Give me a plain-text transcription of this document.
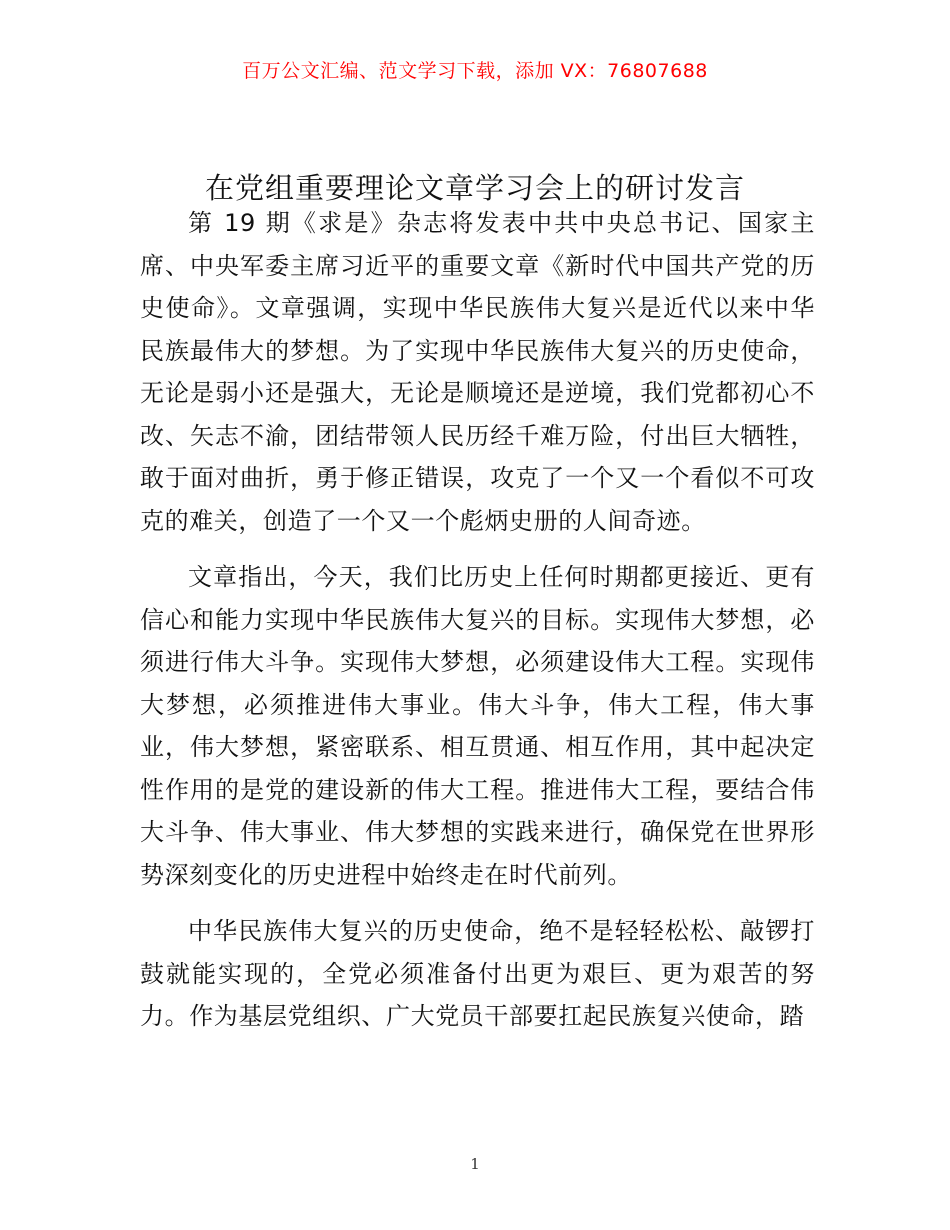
百万公文汇编、范文学习下载，添加 VX：76807688
在党组重要理论文章学习会上的研讨发言

第 19 期《求是》杂志将发表中共中央总书记、国家主席、中央军委主席习近平的重要文章《新时代中国共产党的历史使命》。文章强调，实现中华民族伟大复兴是近代以来中华民族最伟大的梦想。为了实现中华民族伟大复兴的历史使命，无论是弱小还是强大，无论是顺境还是逆境，我们党都初心不改、矢志不渝，团结带领人民历经千难万险，付出巨大牺牲，敢于面对曲折，勇于修正错误，攻克了一个又一个看似不可攻克的难关，创造了一个又一个彪炳史册的人间奇迹。

文章指出，今天，我们比历史上任何时期都更接近、更有信心和能力实现中华民族伟大复兴的目标。实现伟大梦想，必须进行伟大斗争。实现伟大梦想，必须建设伟大工程。实现伟大梦想，必须推进伟大事业。伟大斗争，伟大工程，伟大事业，伟大梦想，紧密联系、相互贯通、相互作用，其中起决定性作用的是党的建设新的伟大工程。推进伟大工程，要结合伟大斗争、伟大事业、伟大梦想的实践来进行，确保党在世界形势深刻变化的历史进程中始终走在时代前列。

中华民族伟大复兴的历史使命，绝不是轻轻松松、敲锣打鼓就能实现的，全党必须准备付出更为艰巨、更为艰苦的努力。作为基层党组织、广大党员干部要扛起民族复兴使命，踏

1
